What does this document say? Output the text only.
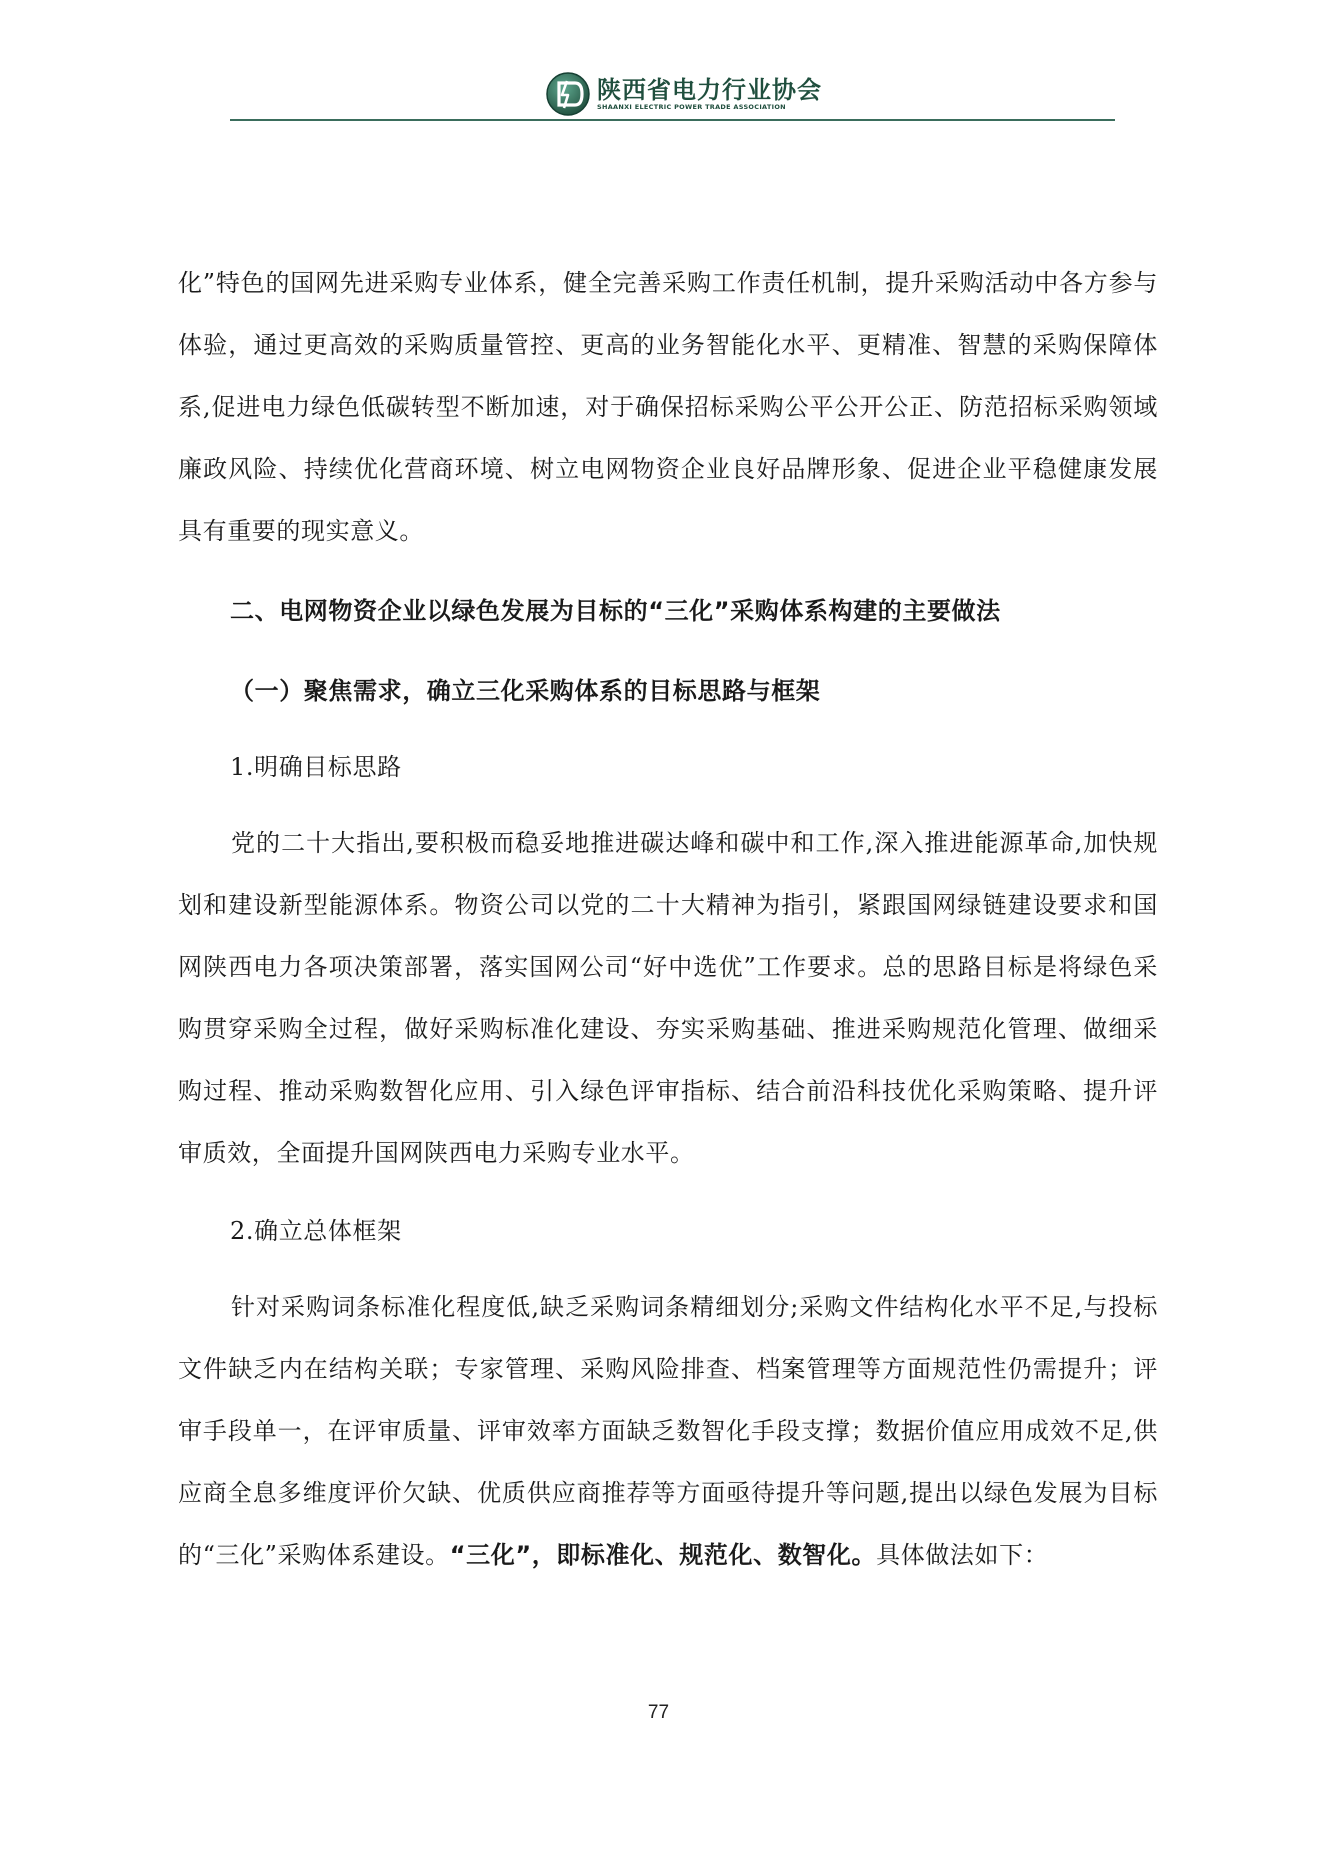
陕西省电力行业协会
SHAANXI ELECTRIC POWER TRADE ASSOCIATION

化”特色的国网先进采购专业体系，健全完善采购工作责任机制，提升采购活动中各方参与体验，通过更高效的采购质量管控、更高的业务智能化水平、更精准、智慧的采购保障体系,促进电力绿色低碳转型不断加速，对于确保招标采购公平公开公正、防范招标采购领域廉政风险、持续优化营商环境、树立电网物资企业良好品牌形象、促进企业平稳健康发展具有重要的现实意义。

二、电网物资企业以绿色发展为目标的“三化”采购体系构建的主要做法
（一）聚焦需求，确立三化采购体系的目标思路与框架
1.明确目标思路

党的二十大指出,要积极而稳妥地推进碳达峰和碳中和工作,深入推进能源革命,加快规划和建设新型能源体系。物资公司以党的二十大精神为指引，紧跟国网绿链建设要求和国网陕西电力各项决策部署，落实国网公司“好中选优”工作要求。总的思路目标是将绿色采购贯穿采购全过程，做好采购标准化建设、夯实采购基础、推进采购规范化管理、做细采购过程、推动采购数智化应用、引入绿色评审指标、结合前沿科技优化采购策略、提升评审质效，全面提升国网陕西电力采购专业水平。

2.确立总体框架

针对采购词条标准化程度低,缺乏采购词条精细划分;采购文件结构化水平不足,与投标文件缺乏内在结构关联；专家管理、采购风险排查、档案管理等方面规范性仍需提升；评审手段单一，在评审质量、评审效率方面缺乏数智化手段支撑；数据价值应用成效不足,供应商全息多维度评价欠缺、优质供应商推荐等方面亟待提升等问题,提出以绿色发展为目标的“三化”采购体系建设。“三化”，即标准化、规范化、数智化。具体做法如下：

77
